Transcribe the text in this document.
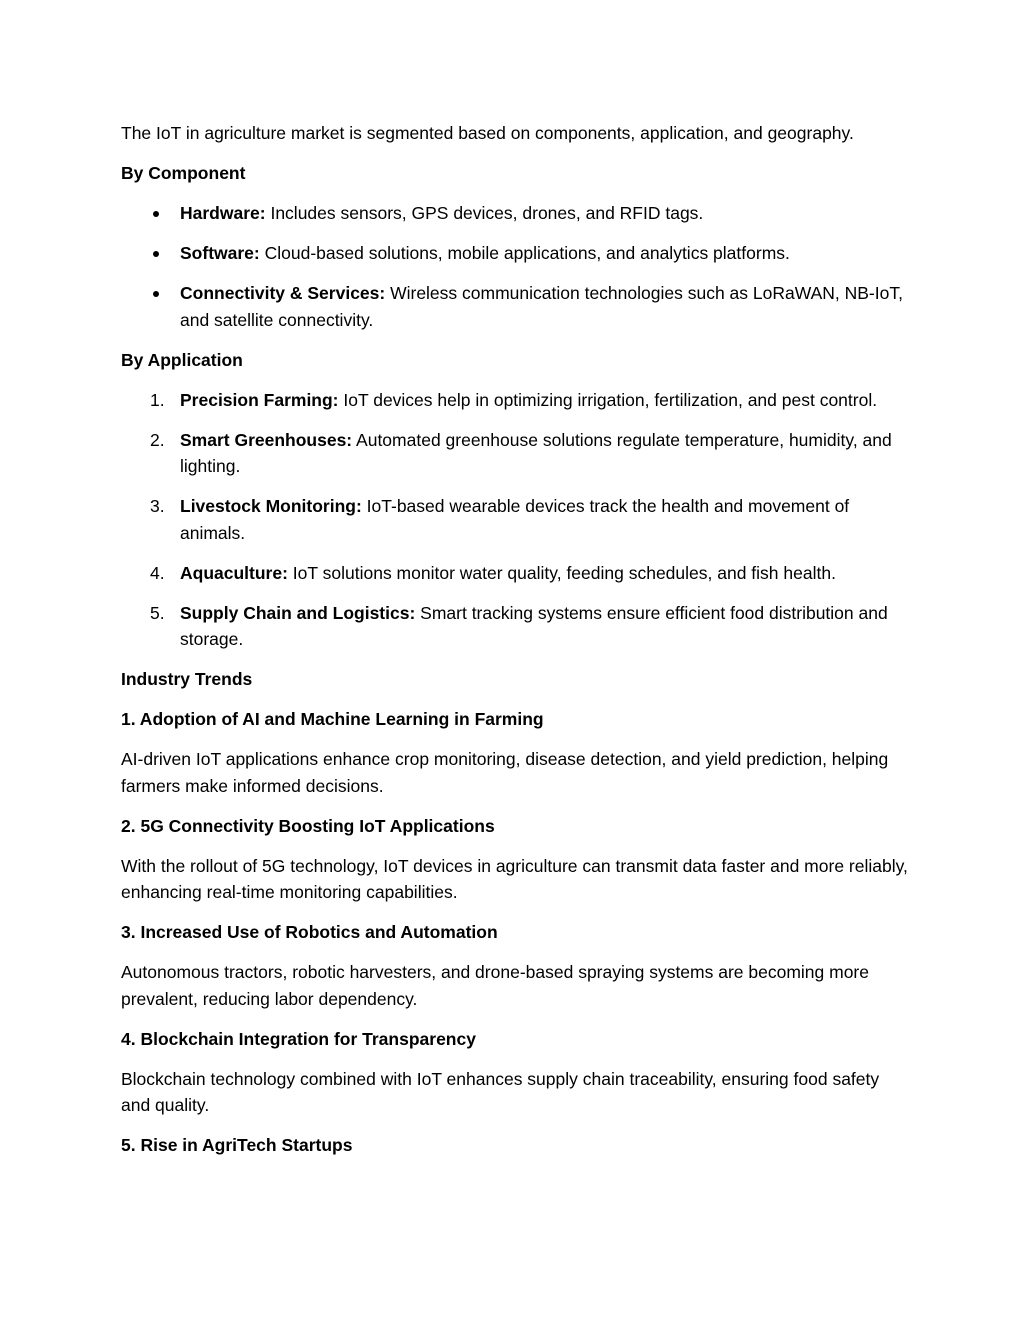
The IoT in agriculture market is segmented based on components, application, and geography.

By Component

Hardware: Includes sensors, GPS devices, drones, and RFID tags.
Software: Cloud-based solutions, mobile applications, and analytics platforms.
Connectivity & Services: Wireless communication technologies such as LoRaWAN, NB-IoT, and satellite connectivity.

By Application

1. Precision Farming: IoT devices help in optimizing irrigation, fertilization, and pest control.
2. Smart Greenhouses: Automated greenhouse solutions regulate temperature, humidity, and lighting.
3. Livestock Monitoring: IoT-based wearable devices track the health and movement of animals.
4. Aquaculture: IoT solutions monitor water quality, feeding schedules, and fish health.
5. Supply Chain and Logistics: Smart tracking systems ensure efficient food distribution and storage.

Industry Trends

1. Adoption of AI and Machine Learning in Farming

AI-driven IoT applications enhance crop monitoring, disease detection, and yield prediction, helping farmers make informed decisions.

2. 5G Connectivity Boosting IoT Applications

With the rollout of 5G technology, IoT devices in agriculture can transmit data faster and more reliably, enhancing real-time monitoring capabilities.

3. Increased Use of Robotics and Automation

Autonomous tractors, robotic harvesters, and drone-based spraying systems are becoming more prevalent, reducing labor dependency.

4. Blockchain Integration for Transparency

Blockchain technology combined with IoT enhances supply chain traceability, ensuring food safety and quality.

5. Rise in AgriTech Startups
